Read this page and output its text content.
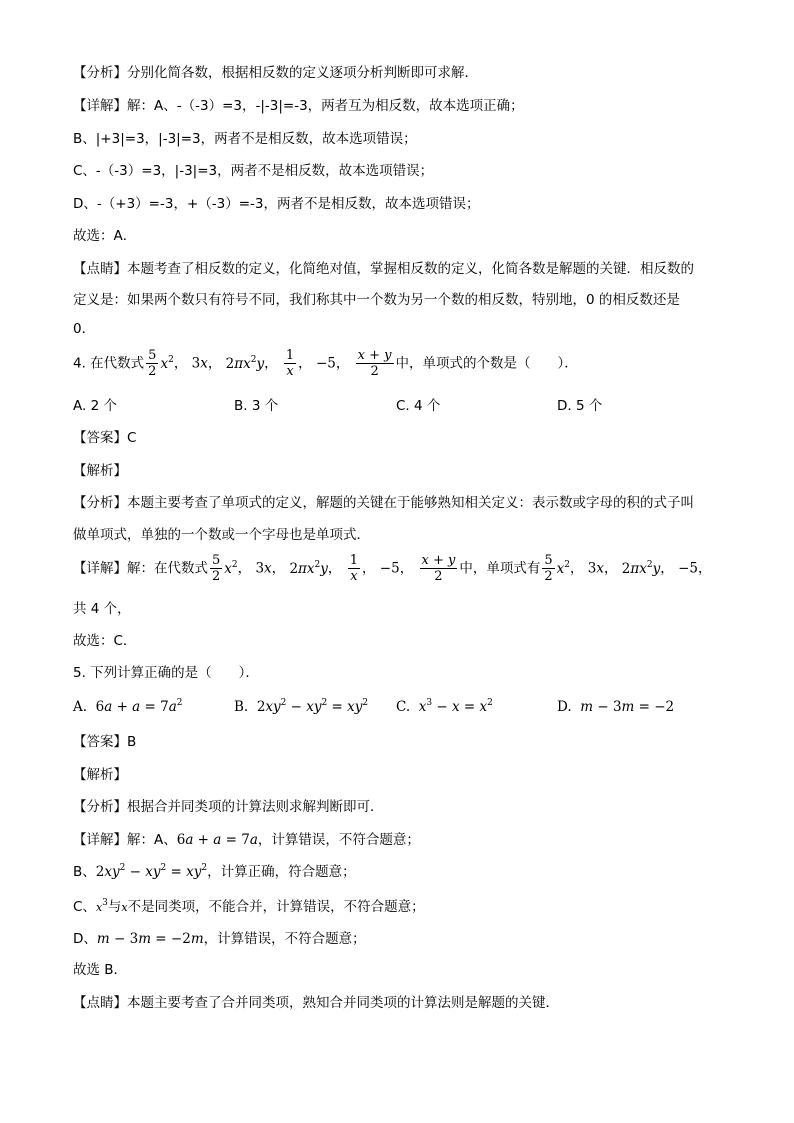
【分析】分别化简各数，根据相反数的定义逐项分析判断即可求解．
【详解】解：A、-（-3）=3，-|-3|=-3，两者互为相反数，故本选项正确；
B、|+3|=3，|-3|=3，两者不是相反数，故本选项错误；
C、-（-3）=3，|-3|=3，两者不是相反数，故本选项错误；
D、-（+3）=-3，+（-3）=-3，两者不是相反数，故本选项错误；
故选：A．
【点睛】本题考查了相反数的定义，化简绝对值，掌握相反数的定义，化简各数是解题的关键．相反数的
定义是：如果两个数只有符号不同，我们称其中一个数为另一个数的相反数，特别地，0 的相反数还是
0．
4. 在代数式 $\frac{5}{2} x^2$， 3x， $2\pi x^2y$， $\frac{1}{x}$ ， −5， $\frac{x + y}{2}$ 中，单项式的个数是（　　）．
A. 2 个	B. 3 个	C. 4 个	D. 5 个
【答案】C
【解析】
【分析】本题主要考查了单项式的定义，解题的关键在于能够熟知相关定义：表示数或字母的积的式子叫
做单项式，单独的一个数或一个字母也是单项式．
【详解】解：在代数式 $\frac{5}{2} x^2$， 3x， $2\pi x^2y$， $\frac{1}{x}$ ， −5， $\frac{x + y}{2}$ 中，单项式有 $\frac{5}{2} x^2$， 3x， $2\pi x^2y$， −5，
共 4 个，
故选：C．
5. 下列计算正确的是（　　）．
A. $6a + a = 7a^2$	B. $2xy^2 - xy^2 = xy^2$ C. $x^3 - x = x^2$	D. m − 3m = −2
【答案】B
【解析】
【分析】根据合并同类项的计算法则求解判断即可．
【详解】解：A、6a + a = 7a，计算错误，不符合题意；
B、$2xy^2 - xy^2 = xy^2$，计算正确，符合题意；
C、$x^3$与x不是同类项，不能合并，计算错误，不符合题意；
D、m − 3m = −2m，计算错误，不符合题意；
故选 B．
【点睛】本题主要考查了合并同类项，熟知合并同类项的计算法则是解题的关键．
